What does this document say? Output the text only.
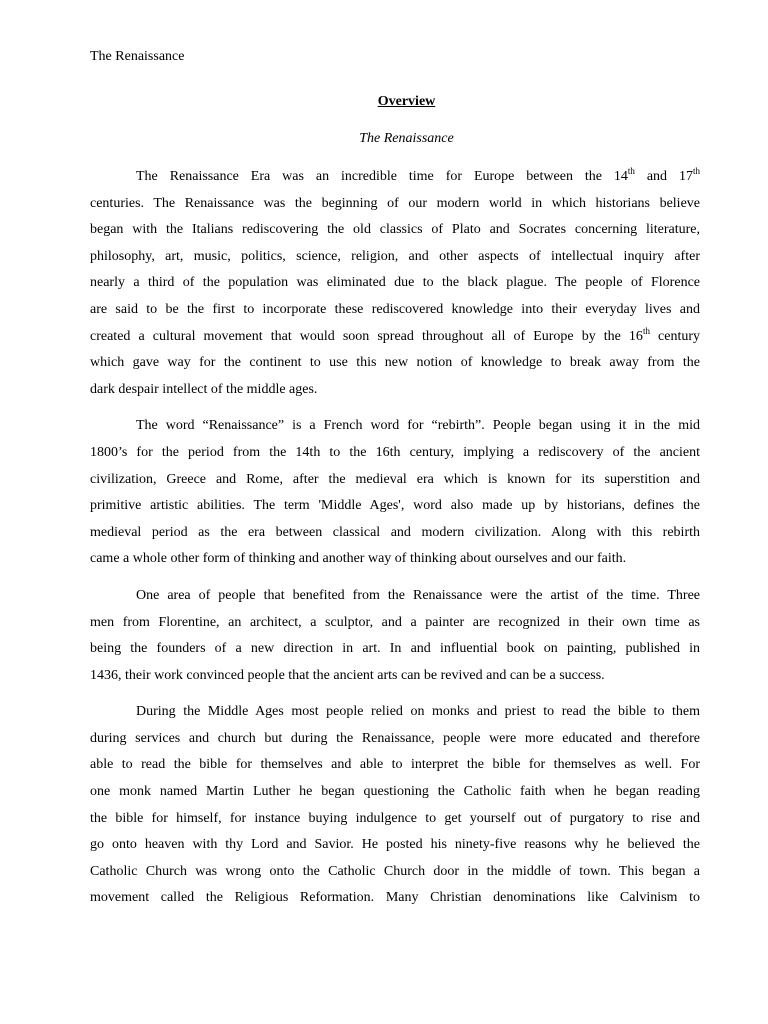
The Renaissance
Overview
The Renaissance

The Renaissance Era was an incredible time for Europe between the 14th and 17th
centuries. The Renaissance was the beginning of our modern world in which historians believe
began with the Italians rediscovering the old classics of Plato and Socrates concerning literature,
philosophy, art, music, politics, science, religion, and other aspects of intellectual inquiry after
nearly a third of the population was eliminated due to the black plague. The people of Florence
are said to be the first to incorporate these rediscovered knowledge into their everyday lives and
created a cultural movement that would soon spread throughout all of Europe by the 16th century
which gave way for the continent to use this new notion of knowledge to break away from the
dark despair intellect of the middle ages.

The word “Renaissance” is a French word for “rebirth”. People began using it in the mid
1800’s for the period from the 14th to the 16th century, implying a rediscovery of the ancient
civilization, Greece and Rome, after the medieval era which is known for its superstition and
primitive artistic abilities. The term 'Middle Ages', word also made up by historians, defines the
medieval period as the era between classical and modern civilization. Along with this rebirth
came a whole other form of thinking and another way of thinking about ourselves and our faith.

One area of people that benefited from the Renaissance were the artist of the time. Three
men from Florentine, an architect, a sculptor, and a painter are recognized in their own time as
being the founders of a new direction in art. In and influential book on painting, published in
1436, their work convinced people that the ancient arts can be revived and can be a success.

During the Middle Ages most people relied on monks and priest to read the bible to them
during services and church but during the Renaissance, people were more educated and therefore
able to read the bible for themselves and able to interpret the bible for themselves as well. For
one monk named Martin Luther he began questioning the Catholic faith when he began reading
the bible for himself, for instance buying indulgence to get yourself out of purgatory to rise and
go onto heaven with thy Lord and Savior. He posted his ninety-five reasons why he believed the
Catholic Church was wrong onto the Catholic Church door in the middle of town. This began a
movement called the Religious Reformation. Many Christian denominations like Calvinism to
